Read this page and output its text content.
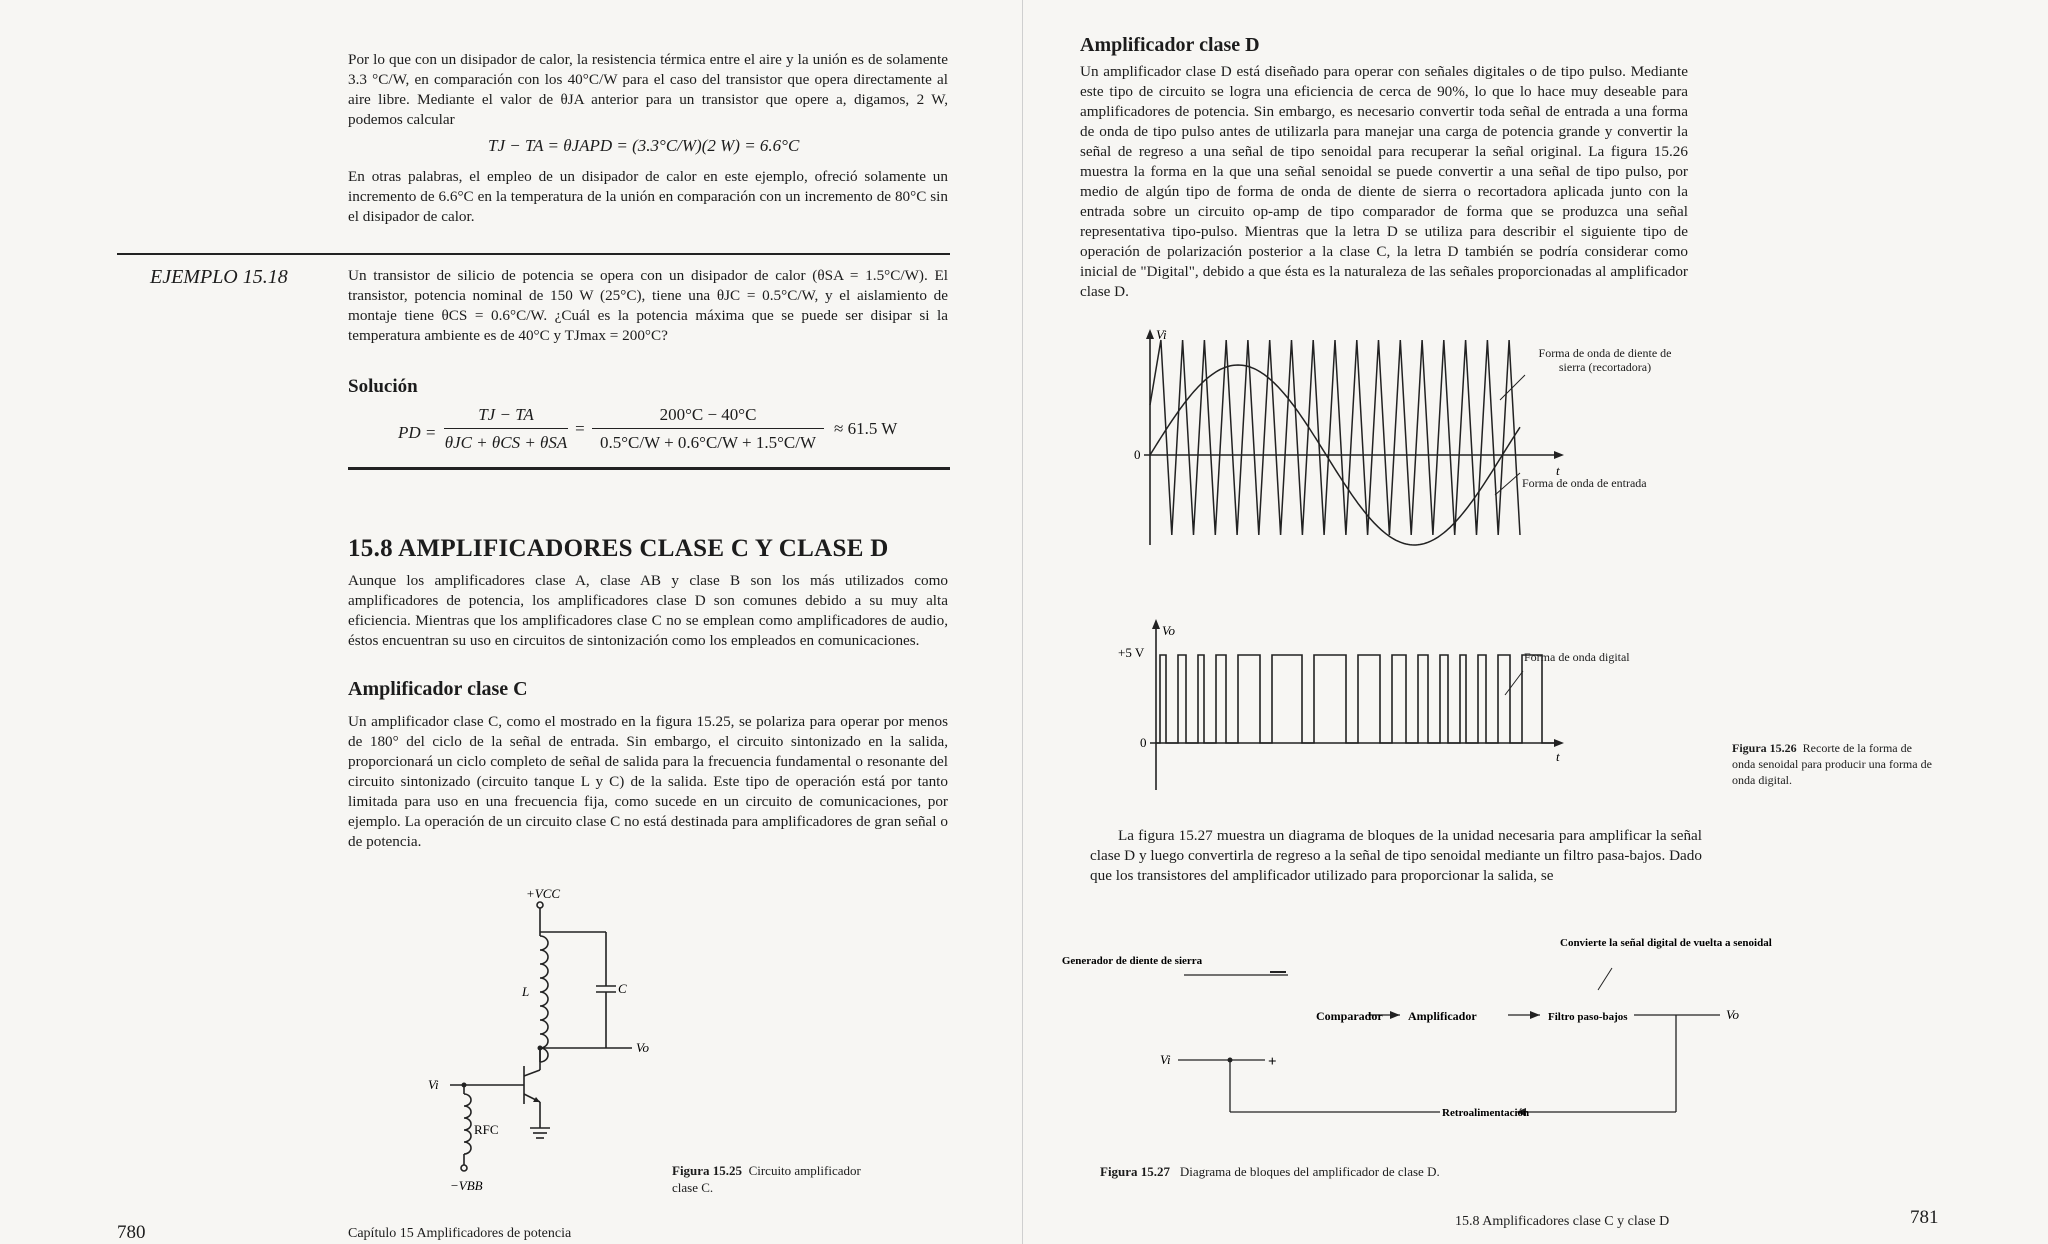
Por lo que con un disipador de calor, la resistencia térmica entre el aire y la unión es de solamente 3.3 °C/W, en comparación con los 40°C/W para el caso del transistor que opera directamente al aire libre. Mediante el valor de θJA anterior para un transistor que opere a, digamos, 2 W, podemos calcular

TJ − TA = θJAPD = (3.3°C/W)(2 W) = 6.6°C

En otras palabras, el empleo de un disipador de calor en este ejemplo, ofreció solamente un incremento de 6.6°C en la temperatura de la unión en comparación con un incremento de 80°C sin el disipador de calor.

EJEMPLO 15.18	Un transistor de silicio de potencia se opera con un disipador de calor (θSA = 1.5°C/W). El transistor, potencia nominal de 150 W (25°C), tiene una θJC = 0.5°C/W, y el aislamiento de montaje tiene θCS = 0.6°C/W. ¿Cuál es la potencia máxima que se puede ser disipar si la temperatura ambiente es de 40°C y TJmax = 200°C?

Solución
PD =
TJ − TA
θJC + θCS + θSA
=
200°C − 40°C
0.5°C/W + 0.6°C/W + 1.5°C/W
≈ 61.5 W
15.8 AMPLIFICADORES CLASE C Y CLASE D

Aunque los amplificadores clase A, clase AB y clase B son los más utilizados como amplificadores de potencia, los amplificadores clase D son comunes debido a su muy alta eficiencia. Mientras que los amplificadores clase C no se emplean como amplificadores de audio, éstos encuentran su uso en circuitos de sintonización como los empleados en comunicaciones.

Amplificador clase C

Un amplificador clase C, como el mostrado en la figura 15.25, se polariza para operar por menos de 180° del ciclo de la señal de entrada. Sin embargo, el circuito sintonizado en la salida, proporcionará un ciclo completo de señal de salida para la frecuencia fundamental o resonante del circuito sintonizado (circuito tanque L y C) de la salida. Este tipo de operación está por tanto limitada para uso en una frecuencia fija, como sucede en un circuito de comunicaciones, por ejemplo. La operación de un circuito clase C no está destinada para amplificadores de gran señal o de potencia.

+VCC
L	C
Vo
Vi
RFC
−VBB
Figura 15.25 Circuito amplificador clase C.
780	Capítulo 15 Amplificadores de potencia
Amplificador clase D

Un amplificador clase D está diseñado para operar con señales digitales o de tipo pulso. Mediante este tipo de circuito se logra una eficiencia de cerca de 90%, lo que lo hace muy deseable para amplificadores de potencia. Sin embargo, es necesario convertir toda señal de entrada a una forma de onda de tipo pulso antes de utilizarla para manejar una carga de potencia grande y convertir la señal de regreso a una señal de tipo senoidal para recuperar la señal original. La figura 15.26 muestra la forma en la que una señal senoidal se puede convertir a una señal de tipo pulso, por medio de algún tipo de forma de onda de diente de sierra o recortadora aplicada junto con la entrada sobre un circuito op-amp de tipo comparador de forma que se produzca una señal representativa tipo-pulso. Mientras que la letra D se utiliza para describir el siguiente tipo de operación de polarización posterior a la clase C, la letra D también se podría considerar como inicial de "Digital", debido a que ésta es la naturaleza de las señales proporcionadas al amplificador clase D.

Vi
t
0
Forma de onda de diente de sierra (recortadora)
Forma de onda de entrada
Vo
t
0
+5 V	Forma de onda digital
Figura 15.26 Recorte de la forma de onda senoidal para producir una forma de onda digital.

La figura 15.27 muestra un diagrama de bloques de la unidad necesaria para amplificar la señal clase D y luego convertirla de regreso a la señal de tipo senoidal mediante un filtro pasa-bajos. Dado que los transistores del amplificador utilizado para proporcionar la salida, se

Generador de diente de sierra
Comparador Amplificador	Filtro paso-bajos
Convierte la señal digital de vuelta a senoidal
Vo
Vi	+
Retroalimentación
Figura 15.27 Diagrama de bloques del amplificador de clase D.
15.8 Amplificadores clase C y clase D	781
